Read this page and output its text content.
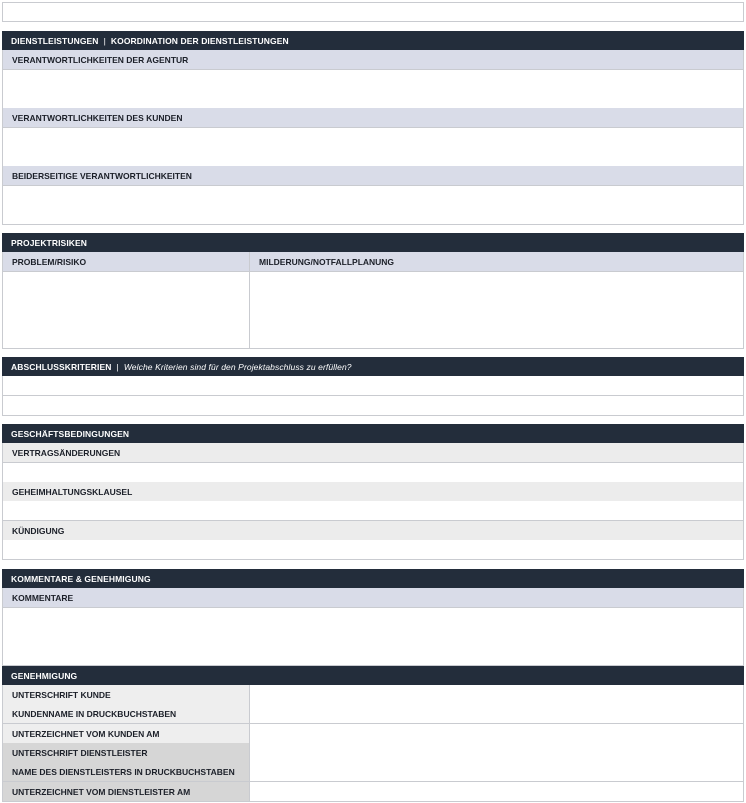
DIENSTLEISTUNGEN | KOORDINATION DER DIENSTLEISTUNGEN
VERANTWORTLICHKEITEN DER AGENTUR
VERANTWORTLICHKEITEN DES KUNDEN
BEIDERSEITIGE VERANTWORTLICHKEITEN
PROJEKTRISIKEN
PROBLEM/RISIKO	MILDERUNG/NOTFALLPLANUNG
ABSCHLUSSKRITERIEN | Welche Kriterien sind für den Projektabschluss zu erfüllen?
GESCHÄFTSBEDINGUNGEN
VERTRAGSÄNDERUNGEN
GEHEIMHALTUNGSKLAUSEL
KÜNDIGUNG
KOMMENTARE & GENEHMIGUNG
KOMMENTARE
GENEHMIGUNG
UNTERSCHRIFT KUNDE
KUNDENNAME IN DRUCKBUCHSTABEN
UNTERZEICHNET VOM KUNDEN AM
UNTERSCHRIFT DIENSTLEISTER
NAME DES DIENSTLEISTERS IN DRUCKBUCHSTABEN
UNTERZEICHNET VOM DIENSTLEISTER AM
